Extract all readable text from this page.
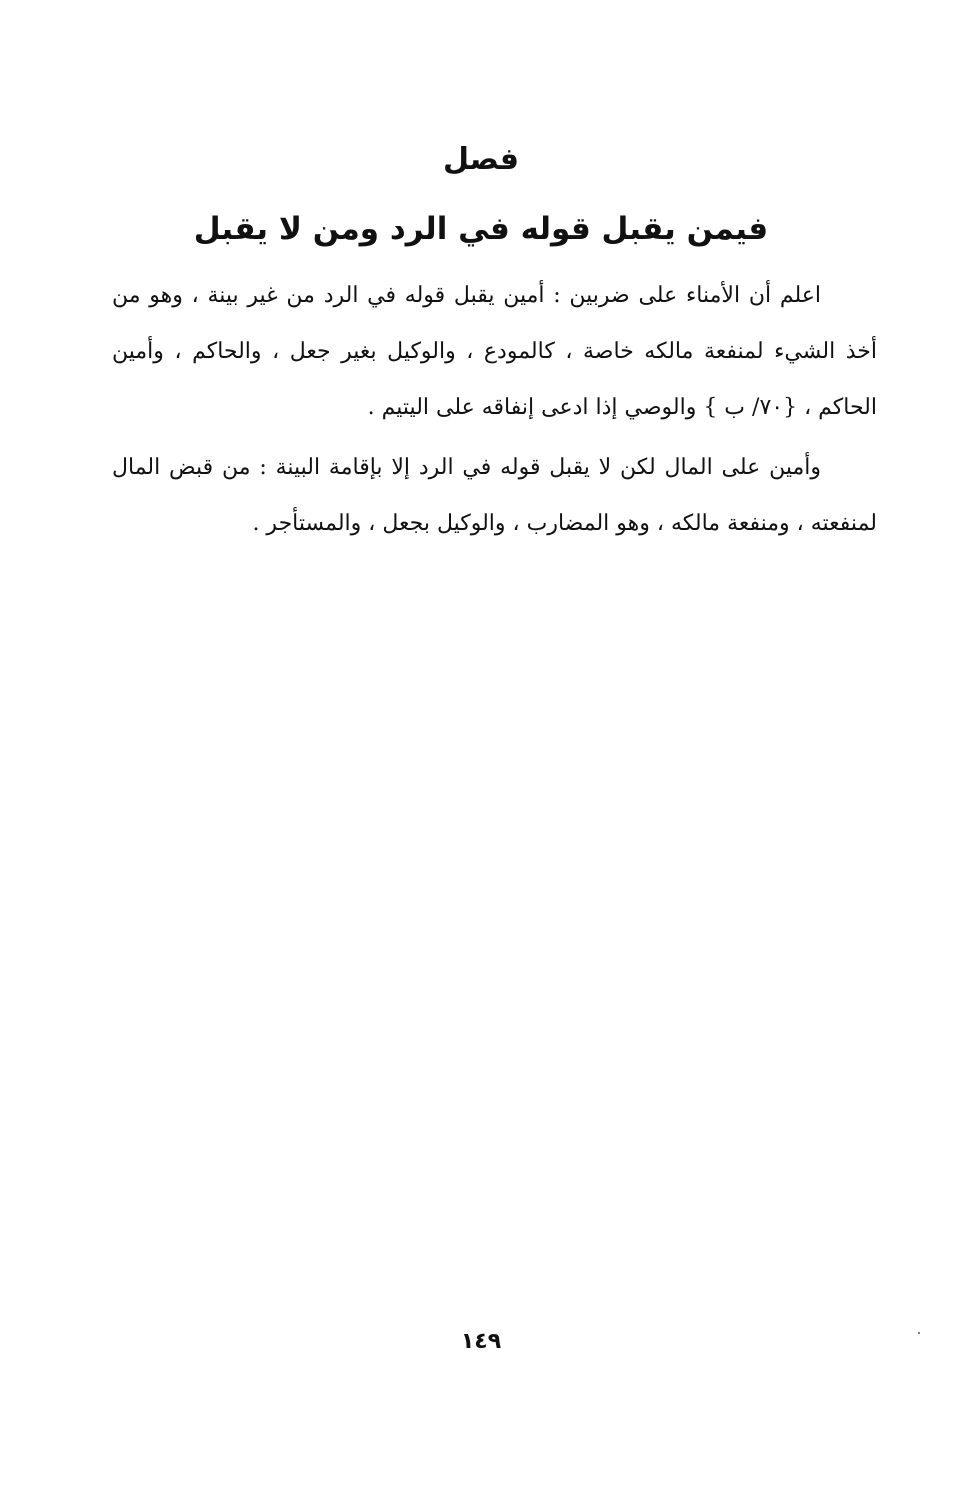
فصل
فيمن يقبل قوله في الرد ومن لا يقبل

اعلم أن الأمناء على ضربين : أمين يقبل قوله في الرد من غير بينة ، وهو من أخذ الشيء لمنفعة مالكه خاصة ، كالمودع ، والوكيل بغير جعل ، والحاكم ، وأمين الحاكم ، {٧٠/ ب } والوصي إذا ادعى إنفاقه على اليتيم .

وأمين على المال لكن لا يقبل قوله في الرد إلا بإقامة البينة : من قبض المال لمنفعته ، ومنفعة مالكه ، وهو المضارب ، والوكيل بجعل ، والمستأجر .

١٤٩
